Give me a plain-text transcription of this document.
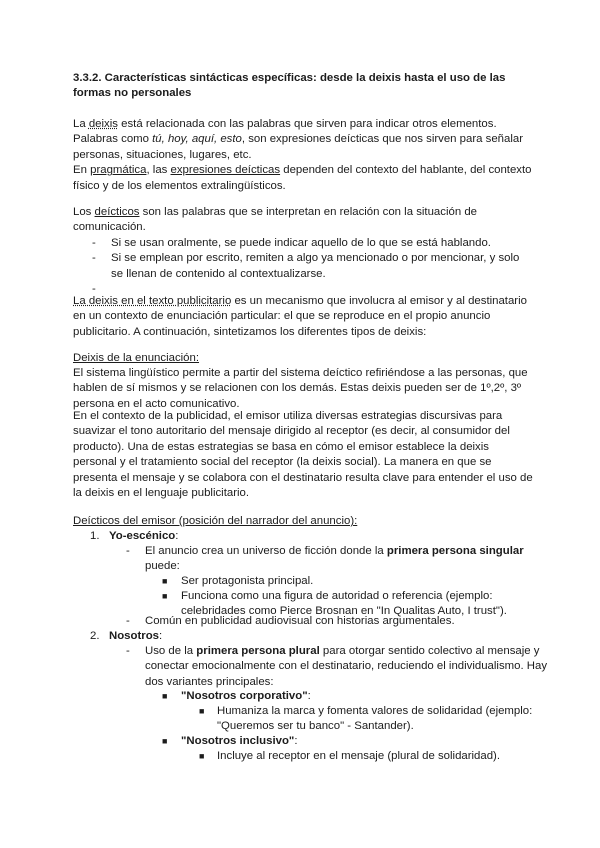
3.3.2. Características sintácticas específicas: desde la deixis hasta el uso de las
formas no personales

La deixis está relacionada con las palabras que sirven para indicar otros elementos. Palabras como tú, hoy, aquí, esto, son expresiones deícticas que nos sirven para señalar personas, situaciones, lugares, etc.
En pragmática, las expresiones deícticas dependen del contexto del hablante, del contexto físico y de los elementos extralingüísticos.

Los deícticos son las palabras que se interpretan en relación con la situación de comunicación.

- Si se usan oralmente, se puede indicar aquello de lo que se está hablando.
- Si se emplean por escrito, remiten a algo ya mencionado o por mencionar, y solo se llenan de contenido al contextualizarse.
-

La deixis en el texto publicitario es un mecanismo que involucra al emisor y al destinatario en un contexto de enunciación particular: el que se reproduce en el propio anuncio publicitario. A continuación, sintetizamos los diferentes tipos de deixis:

Deixis de la enunciación:

El sistema lingüístico permite a partir del sistema deíctico refiriéndose a las personas, que hablen de sí mismos y se relacionen con los demás. Estas deixis pueden ser de 1º,2º, 3º persona en el acto comunicativo.

En el contexto de la publicidad, el emisor utiliza diversas estrategias discursivas para suavizar el tono autoritario del mensaje dirigido al receptor (es decir, al consumidor del producto). Una de estas estrategias se basa en cómo el emisor establece la deixis personal y el tratamiento social del receptor (la deixis social). La manera en que se presenta el mensaje y se colabora con el destinatario resulta clave para entender el uso de la deixis en el lenguaje publicitario.

Deícticos del emisor (posición del narrador del anuncio):

1. Yo-escénico:
- El anuncio crea un universo de ficción donde la primera persona singular puede:
■ Ser protagonista principal.
■ Funciona como una figura de autoridad o referencia (ejemplo: celebridades como Pierce Brosnan en "In Qualitas Auto, I trust").
- Común en publicidad audiovisual con historias argumentales.
2. Nosotros:
- Uso de la primera persona plural para otorgar sentido colectivo al mensaje y conectar emocionalmente con el destinatario, reduciendo el individualismo. Hay dos variantes principales:
■ "Nosotros corporativo":
■ Humaniza la marca y fomenta valores de solidaridad (ejemplo: "Queremos ser tu banco" - Santander).
■ "Nosotros inclusivo":
■ Incluye al receptor en el mensaje (plural de solidaridad).
